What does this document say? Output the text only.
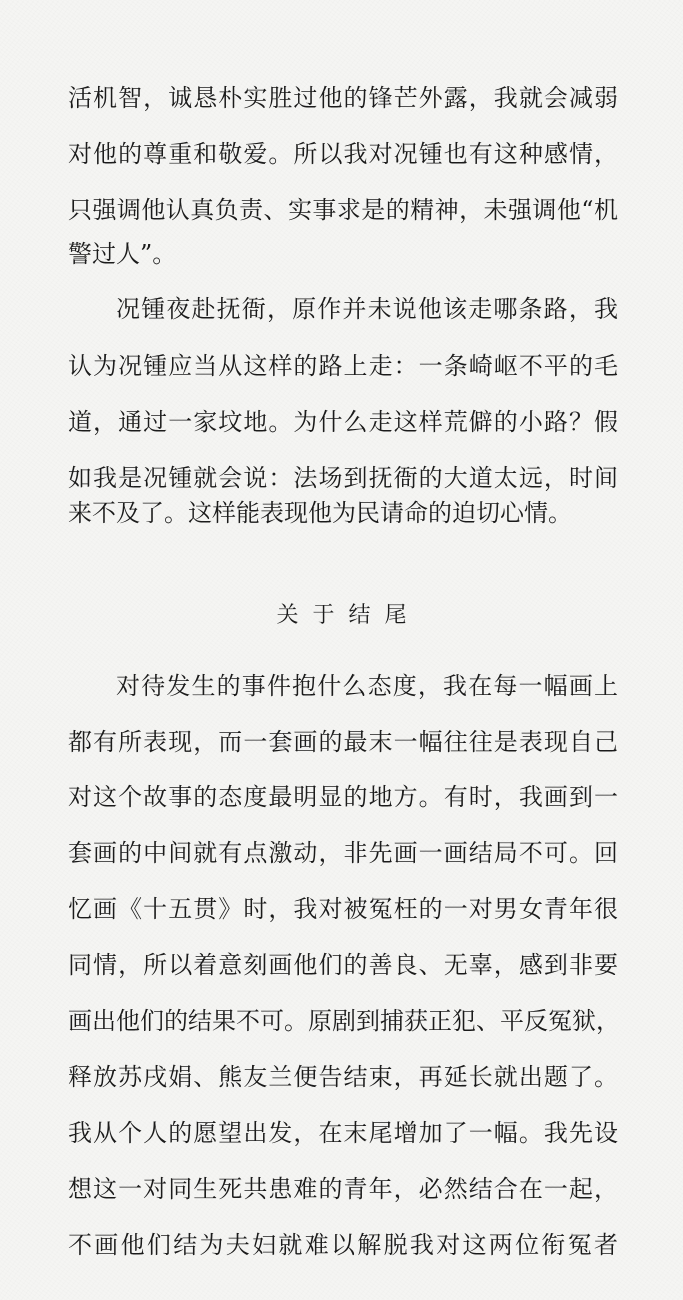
活机智，诚恳朴实胜过他的锋芒外露，我就会减弱
对他的尊重和敬爱。所以我对况锺也有这种感情，
只强调他认真负责、实事求是的精神，未强调他“机
警过人”。
况锺夜赴抚衙，原作并未说他该走哪条路，我
认为况锺应当从这样的路上走：一条崎岖不平的毛
道，通过一家坟地。为什么走这样荒僻的小路？假
如我是况锺就会说：法场到抚衙的大道太远，时间
来不及了。这样能表现他为民请命的迫切心情。
关于结尾
对待发生的事件抱什么态度，我在每一幅画上
都有所表现，而一套画的最末一幅往往是表现自己
对这个故事的态度最明显的地方。有时，我画到一
套画的中间就有点激动，非先画一画结局不可。回
忆画《十五贯》时，我对被冤枉的一对男女青年很
同情，所以着意刻画他们的善良、无辜，感到非要
画出他们的结果不可。原剧到捕获正犯、平反冤狱，
释放苏戌娟、熊友兰便告结束，再延长就出题了。
我从个人的愿望出发，在末尾增加了一幅。我先设
想这一对同生死共患难的青年，必然结合在一起，
不画他们结为夫妇就难以解脱我对这两位衔冤者
